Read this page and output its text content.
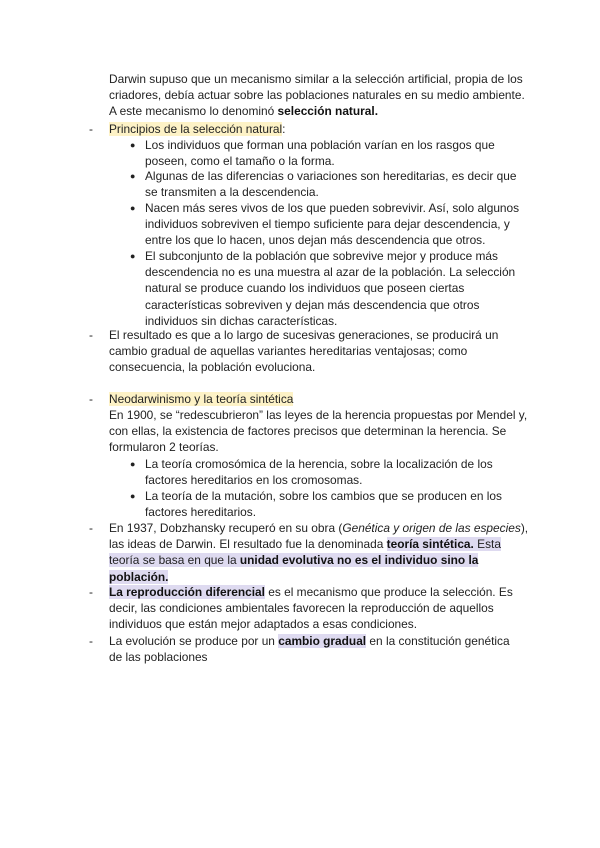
Darwin supuso que un mecanismo similar a la selección artificial, propia de los criadores, debía actuar sobre las poblaciones naturales en su medio ambiente. A este mecanismo lo denominó selección natural.
-	Principios de la selección natural:
● Los individuos que forman una población varían en los rasgos que poseen, como el tamaño o la forma.
● Algunas de las diferencias o variaciones son hereditarias, es decir que se transmiten a la descendencia.
● Nacen más seres vivos de los que pueden sobrevivir. Así, solo algunos individuos sobreviven el tiempo suficiente para dejar descendencia, y entre los que lo hacen, unos dejan más descendencia que otros.
● El subconjunto de la población que sobrevive mejor y produce más descendencia no es una muestra al azar de la población. La selección natural se produce cuando los individuos que poseen ciertas características sobreviven y dejan más descendencia que otros individuos sin dichas características.
-	El resultado es que a lo largo de sucesivas generaciones, se producirá un cambio gradual de aquellas variantes hereditarias ventajosas; como consecuencia, la población evoluciona.
-	Neodarwinismo y la teoría sintética
En 1900, se “redescubrieron” las leyes de la herencia propuestas por Mendel y, con ellas, la existencia de factores precisos que determinan la herencia. Se formularon 2 teorías.
● La teoría cromosómica de la herencia, sobre la localización de los factores hereditarios en los cromosomas.
● La teoría de la mutación, sobre los cambios que se producen en los factores hereditarios.
-	En 1937, Dobzhansky recuperó en su obra (Genética y origen de las especies), las ideas de Darwin. El resultado fue la denominada teoría sintética. Esta teoría se basa en que la unidad evolutiva no es el individuo sino la población.
-	La reproducción diferencial es el mecanismo que produce la selección. Es decir, las condiciones ambientales favorecen la reproducción de aquellos individuos que están mejor adaptados a esas condiciones.
-	La evolución se produce por un cambio gradual en la constitución genética de las poblaciones
